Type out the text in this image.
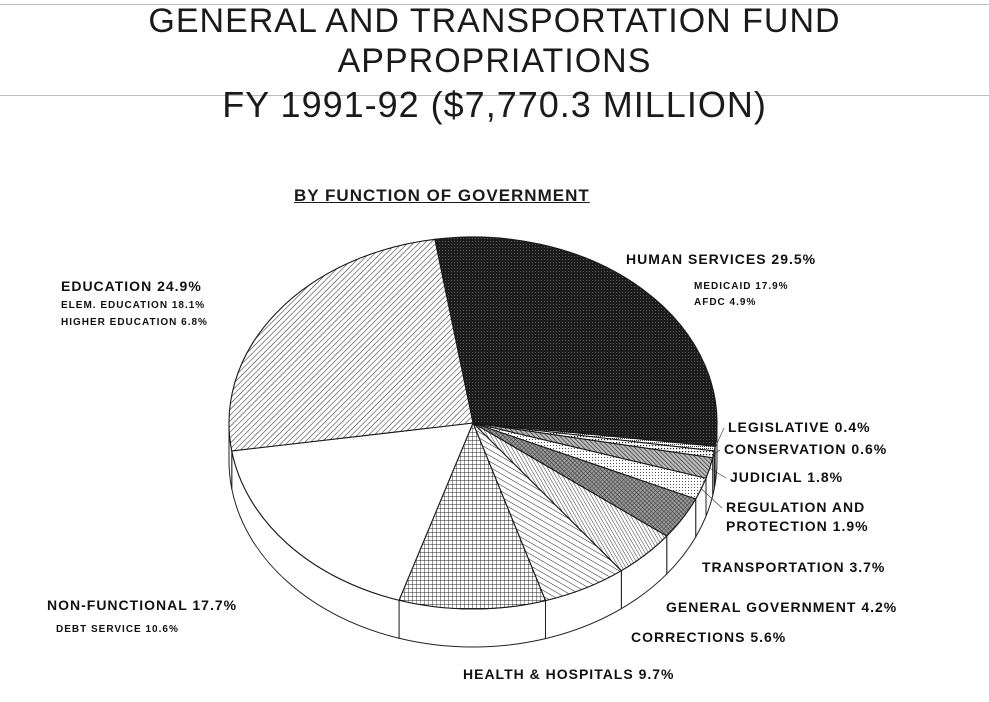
GENERAL AND TRANSPORTATION FUND
APPROPRIATIONS
FY 1991-92 ($7,770.3 MILLION)
BY FUNCTION OF GOVERNMENT
HUMAN SERVICES 29.5%
MEDICAID 17.9%
AFDC 4.9%
LEGISLATIVE 0.4%
CONSERVATION 0.6%
JUDICIAL 1.8%
REGULATION AND
PROTECTION 1.9%
TRANSPORTATION 3.7%
GENERAL GOVERNMENT 4.2%
CORRECTIONS 5.6%
HEALTH & HOSPITALS 9.7%
NON-FUNCTIONAL 17.7%
DEBT SERVICE 10.6%
EDUCATION 24.9%
ELEM. EDUCATION 18.1%
HIGHER EDUCATION 6.8%
